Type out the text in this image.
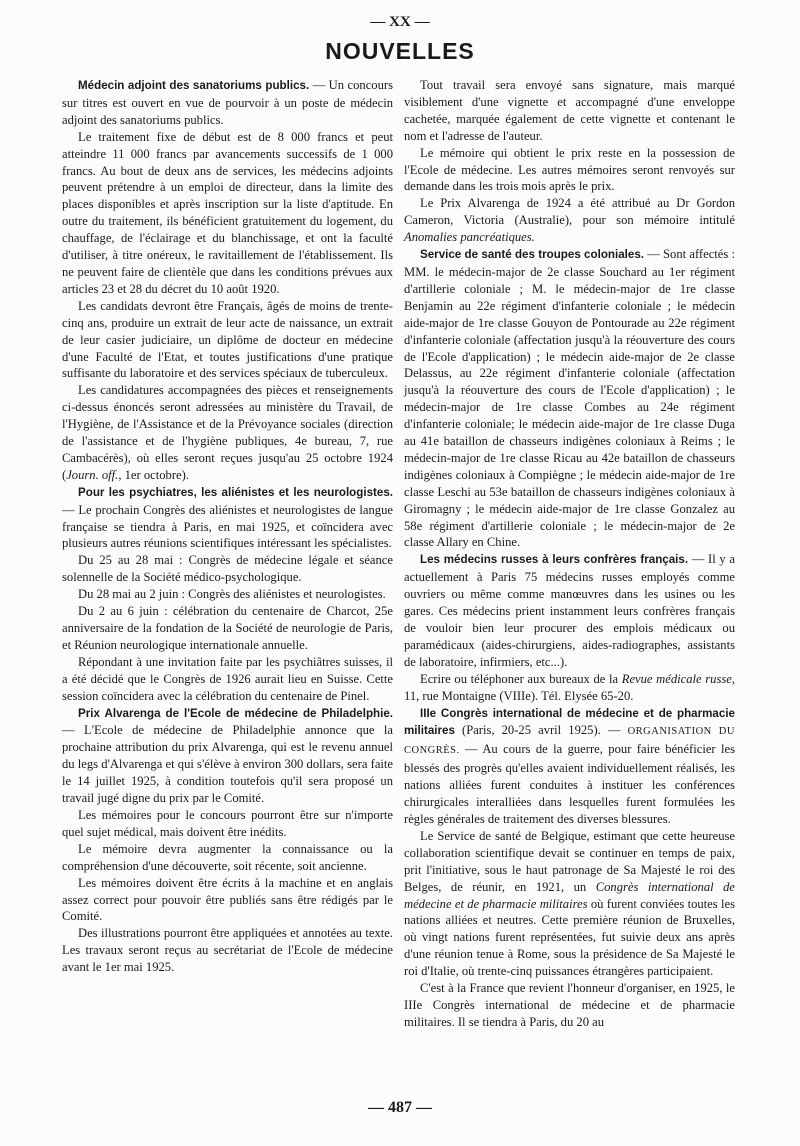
— XX —
NOUVELLES

Médecin adjoint des sanatoriums publics. — Un concours sur titres est ouvert en vue de pourvoir à un poste de médecin adjoint des sanatoriums publics.

Le traitement fixe de début est de 8 000 francs et peut atteindre 11 000 francs par avancements successifs de 1 000 francs. Au bout de deux ans de services, les médecins adjoints peuvent prétendre à un emploi de directeur, dans la limite des places disponibles et après inscription sur la liste d'aptitude. En outre du traitement, ils bénéficient gratuitement du logement, du chauffage, de l'éclairage et du blanchissage, et ont la faculté d'utiliser, à titre onéreux, le ravitaillement de l'établissement. Ils ne peuvent faire de clientèle que dans les conditions prévues aux articles 23 et 28 du décret du 10 août 1920.

Les candidats devront être Français, âgés de moins de trente-cinq ans, produire un extrait de leur acte de naissance, un extrait de leur casier judiciaire, un diplôme de docteur en médecine d'une Faculté de l'Etat, et toutes justifications d'une pratique suffisante du laboratoire et des services spéciaux de tuberculeux.

Les candidatures accompagnées des pièces et renseignements ci-dessus énoncés seront adressées au ministère du Travail, de l'Hygiène, de l'Assistance et de la Prévoyance sociales (direction de l'assistance et de l'hygiène publiques, 4e bureau, 7, rue Cambacérès), où elles seront reçues jusqu'au 25 octobre 1924 (Journ. off., 1er octobre).

Pour les psychiatres, les aliénistes et les neurologistes. — Le prochain Congrès des aliénistes et neurologistes de langue française se tiendra à Paris, en mai 1925, et coïncidera avec plusieurs autres réunions scientifiques intéressant les spécialistes.

Du 25 au 28 mai : Congrès de médecine légale et séance solennelle de la Société médico-psychologique.

Du 28 mai au 2 juin : Congrès des aliénistes et neurologistes.

Du 2 au 6 juin : célébration du centenaire de Charcot, 25e anniversaire de la fondation de la Société de neurologie de Paris, et Réunion neurologique internationale annuelle.

Répondant à une invitation faite par les psychiâtres suisses, il a été décidé que le Congrès de 1926 aurait lieu en Suisse. Cette session coïncidera avec la célébration du centenaire de Pinel.

Prix Alvarenga de l'Ecole de médecine de Philadelphie. — L'Ecole de médecine de Philadelphie annonce que la prochaine attribution du prix Alvarenga, qui est le revenu annuel du legs d'Alvarenga et qui s'élève à environ 300 dollars, sera faite le 14 juillet 1925, à condition toutefois qu'il sera proposé un travail jugé digne du prix par le Comité.

Les mémoires pour le concours pourront être sur n'importe quel sujet médical, mais doivent être inédits.

Le mémoire devra augmenter la connaissance ou la compréhension d'une découverte, soit récente, soit ancienne.

Les mémoires doivent être écrits à la machine et en anglais assez correct pour pouvoir être publiés sans être rédigés par le Comité.

Des illustrations pourront être appliquées et annotées au texte. Les travaux seront reçus au secrétariat de l'Ecole de médecine avant le 1er mai 1925.

Tout travail sera envoyé sans signature, mais marqué visiblement d'une vignette et accompagné d'une enveloppe cachetée, marquée également de cette vignette et contenant le nom et l'adresse de l'auteur.

Le mémoire qui obtient le prix reste en la possession de l'Ecole de médecine. Les autres mémoires seront renvoyés sur demande dans les trois mois après le prix.

Le Prix Alvarenga de 1924 a été attribué au Dr Gordon Cameron, Victoria (Australie), pour son mémoire intitulé Anomalies pancréatiques.

Service de santé des troupes coloniales. — Sont affectés : MM. le médecin-major de 2e classe Souchard au 1er régiment d'artillerie coloniale ; M. le médecin-major de 1re classe Benjamin au 22e régiment d'infanterie coloniale ; le médecin aide-major de 1re classe Gouyon de Pontourade au 22e régiment d'infanterie coloniale (affectation jusqu'à la réouverture des cours de l'Ecole d'application) ; le médecin aide-major de 2e classe Delassus, au 22e régiment d'infanterie coloniale (affectation jusqu'à la réouverture des cours de l'Ecole d'application) ; le médecin-major de 1re classe Combes au 24e régiment d'infanterie coloniale; le médecin aide-major de 1re classe Duga au 41e bataillon de chasseurs indigènes coloniaux à Reims ; le médecin-major de 1re classe Ricau au 42e bataillon de chasseurs indigènes coloniaux à Compiègne ; le médecin aide-major de 1re classe Leschi au 53e bataillon de chasseurs indigènes coloniaux à Giromagny ; le médecin aide-major de 1re classe Gonzalez au 58e régiment d'artillerie coloniale ; le médecin-major de 2e classe Allary en Chine.

Les médecins russes à leurs confrères français. — Il y a actuellement à Paris 75 médecins russes employés comme ouvriers ou même comme manœuvres dans les usines ou les gares. Ces médecins prient instamment leurs confrères français de vouloir bien leur procurer des emplois médicaux ou paramédicaux (aides-chirurgiens, aides-radiographes, assistants de laboratoire, infirmiers, etc...).

Ecrire ou téléphoner aux bureaux de la Revue médicale russe, 11, rue Montaigne (VIIIe). Tél. Elysée 65-20.

IIIe Congrès international de médecine et de pharmacie militaires (Paris, 20-25 avril 1925). — ORGANISATION DU CONGRÈS. — Au cours de la guerre, pour faire bénéficier les blessés des progrès qu'elles avaient individuellement réalisés, les nations alliées furent conduites à instituer les conférences chirurgicales interalliées dans lesquelles furent formulées les règles générales de traitement des diverses blessures.

Le Service de santé de Belgique, estimant que cette heureuse collaboration scientifique devait se continuer en temps de paix, prit l'initiative, sous le haut patronage de Sa Majesté le roi des Belges, de réunir, en 1921, un Congrès international de médecine et de pharmacie militaires où furent conviées toutes les nations alliées et neutres. Cette première réunion de Bruxelles, où vingt nations furent représentées, fut suivie deux ans après d'une réunion tenue à Rome, sous la présidence de Sa Majesté le roi d'Italie, où trente-cinq puissances étrangères participaient.

C'est à la France que revient l'honneur d'organiser, en 1925, le IIIe Congrès international de médecine et de pharmacie militaires. Il se tiendra à Paris, du 20 au

— 487 —
